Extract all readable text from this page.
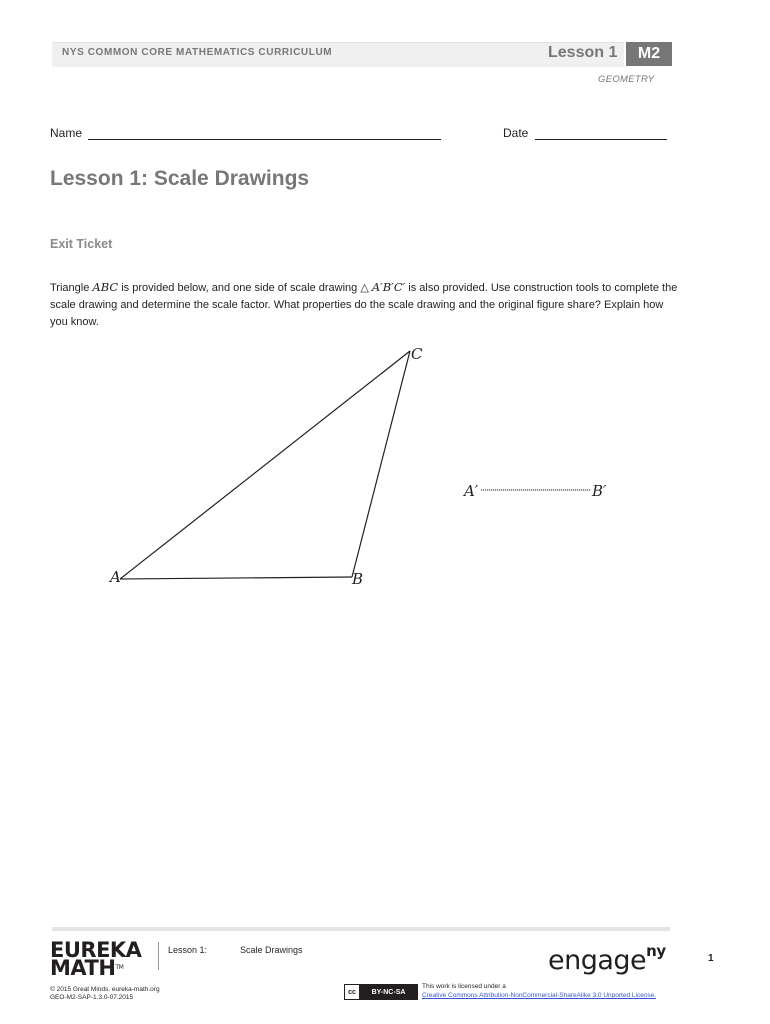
NYS COMMON CORE MATHEMATICS CURRICULUM	Lesson 1	M2
GEOMETRY
Name	Date
Lesson 1: Scale Drawings
Exit Ticket
Triangle ABC is provided below, and one side of scale drawing △ A′B′C′ is also provided. Use construction tools to complete the scale drawing and determine the scale factor. What properties do the scale drawing and the original figure share? Explain how you know.
A	B
C
A′	B′
EUREKA
MATH™
Lesson 1:	Scale Drawings	engage$^{ny}$	1
© 2015 Great Minds. eureka-math.org
GEO-M2-SAP-1.3.0-07.2015
cc	BY-NC-SA
This work is licensed under a
Creative Commons Attribution-NonCommercial-ShareAlike 3.0 Unported License.
